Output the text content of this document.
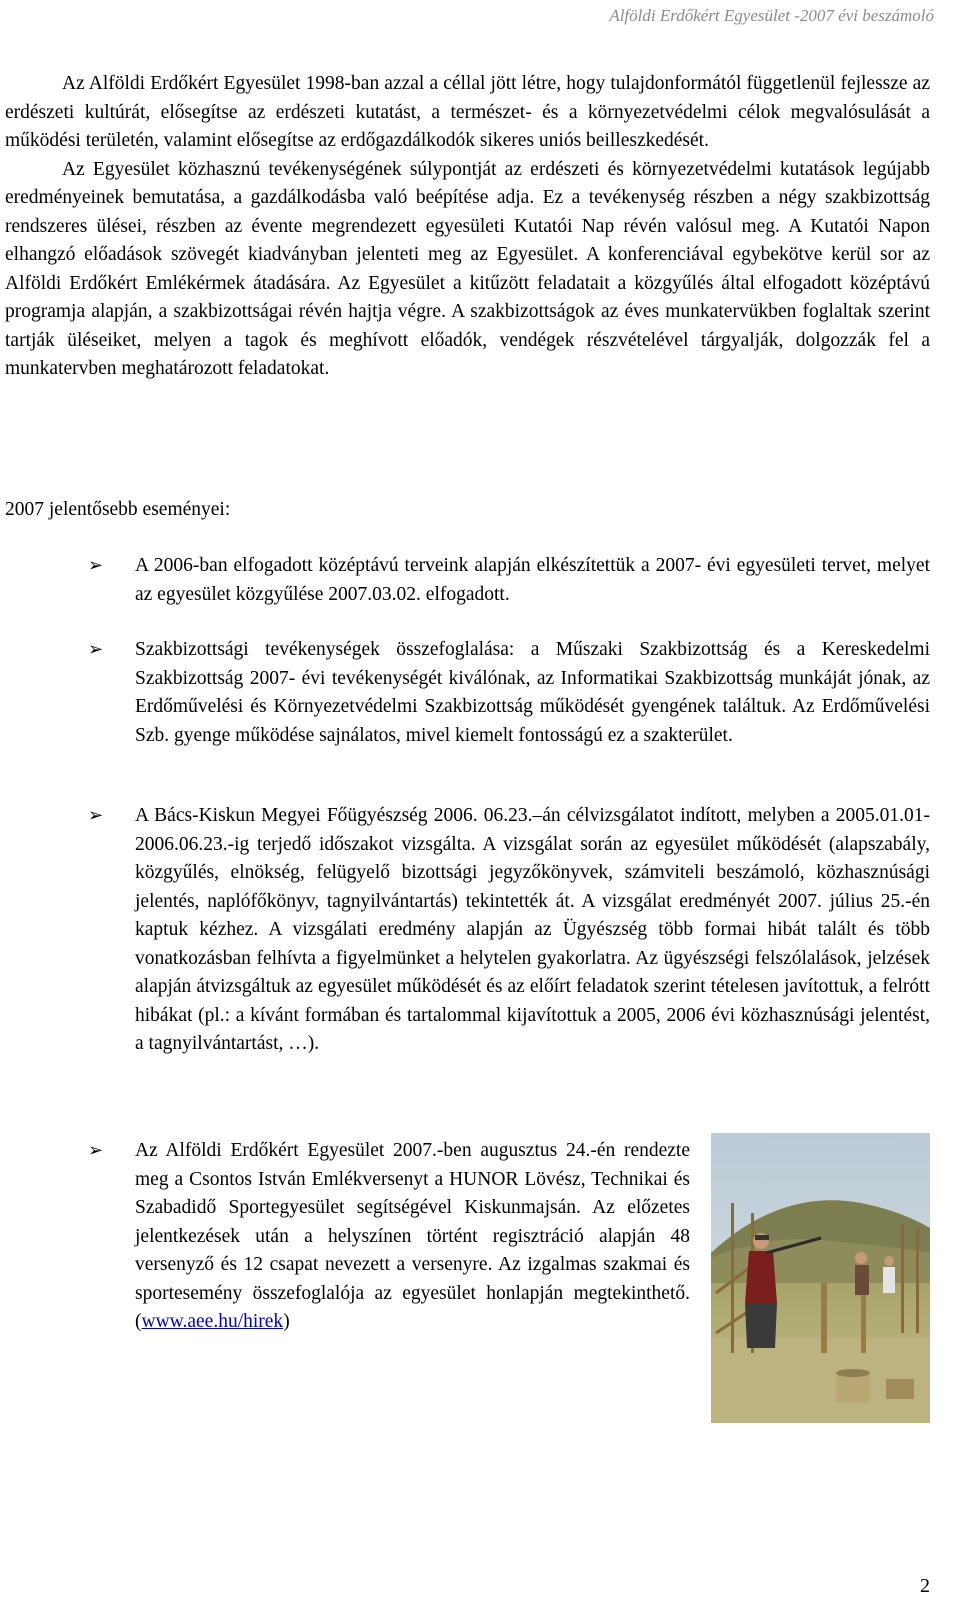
Alföldi Erdőkért Egyesület -2007 évi beszámoló

Az Alföldi Erdőkért Egyesület 1998-ban azzal a céllal jött létre, hogy tulajdonformától függetlenül fejlessze az erdészeti kultúrát, elősegítse az erdészeti kutatást, a természet- és a környezetvédelmi célok megvalósulását a működési területén, valamint elősegítse az erdőgazdálkodók sikeres uniós beilleszkedését.

Az Egyesület közhasznú tevékenységének súlypontját az erdészeti és környezetvédelmi kutatások legújabb eredményeinek bemutatása, a gazdálkodásba való beépítése adja. Ez a tevékenység részben a négy szakbizottság rendszeres ülései, részben az évente megrendezett egyesületi Kutatói Nap révén valósul meg. A Kutatói Napon elhangzó előadások szövegét kiadványban jelenteti meg az Egyesület. A konferenciával egybekötve kerül sor az Alföldi Erdőkért Emlékérmek átadására. Az Egyesület a kitűzött feladatait a közgyűlés által elfogadott középtávú programja alapján, a szakbizottságai révén hajtja végre. A szakbizottságok az éves munkatervükben foglaltak szerint tartják üléseiket, melyen a tagok és meghívott előadók, vendégek részvételével tárgyalják, dolgozzák fel a munkatervben meghatározott feladatokat.

2007 jelentősebb eseményei:
➢ A 2006-ban elfogadott középtávú terveink alapján elkészítettük a 2007- évi egyesületi tervet, melyet az egyesület közgyűlése 2007.03.02. elfogadott.

➢ Szakbizottsági tevékenységek összefoglalása: a Műszaki Szakbizottság és a Kereskedelmi Szakbizottság 2007- évi tevékenységét kiválónak, az Informatikai Szakbizottság munkáját jónak, az Erdőművelési és Környezetvédelmi Szakbizottság működését gyengének találtuk. Az Erdőművelési Szb. gyenge működése sajnálatos, mivel kiemelt fontosságú ez a szakterület.

➢ A Bács-Kiskun Megyei Főügyészség 2006. 06.23.–án célvizsgálatot indított, melyben a 2005.01.01-2006.06.23.-ig terjedő időszakot vizsgálta. A vizsgálat során az egyesület működését (alapszabály, közgyűlés, elnökség, felügyelő bizottsági jegyzőkönyvek, számviteli beszámoló, közhasznúsági jelentés, naplófőkönyv, tagnyilvántartás) tekintették át. A vizsgálat eredményét 2007. július 25.-én kaptuk kézhez. A vizsgálati eredmény alapján az Ügyészség több formai hibát talált és több vonatkozásban felhívta a figyelmünket a helytelen gyakorlatra. Az ügyészségi felszólalások, jelzések alapján átvizsgáltuk az egyesület működését és az előírt feladatok szerint tételesen javítottuk, a felrótt hibákat (pl.: a kívánt formában és tartalommal kijavítottuk a 2005, 2006 évi közhasznúsági jelentést, a tagnyilvántartást, …).

➢ Az Alföldi Erdőkért Egyesület 2007.-ben augusztus 24.-én rendezte meg a Csontos István Emlékversenyt a HUNOR Lövész, Technikai és Szabadidő Sportegyesület segítségével Kiskunmajsán. Az előzetes jelentkezések után a helyszínen történt regisztráció alapján 48 versenyző és 12 csapat nevezett a versenyre. Az izgalmas szakmai és sportesemény összefoglalója az egyesület honlapján megtekinthető. (www.aee.hu/hirek)

2
